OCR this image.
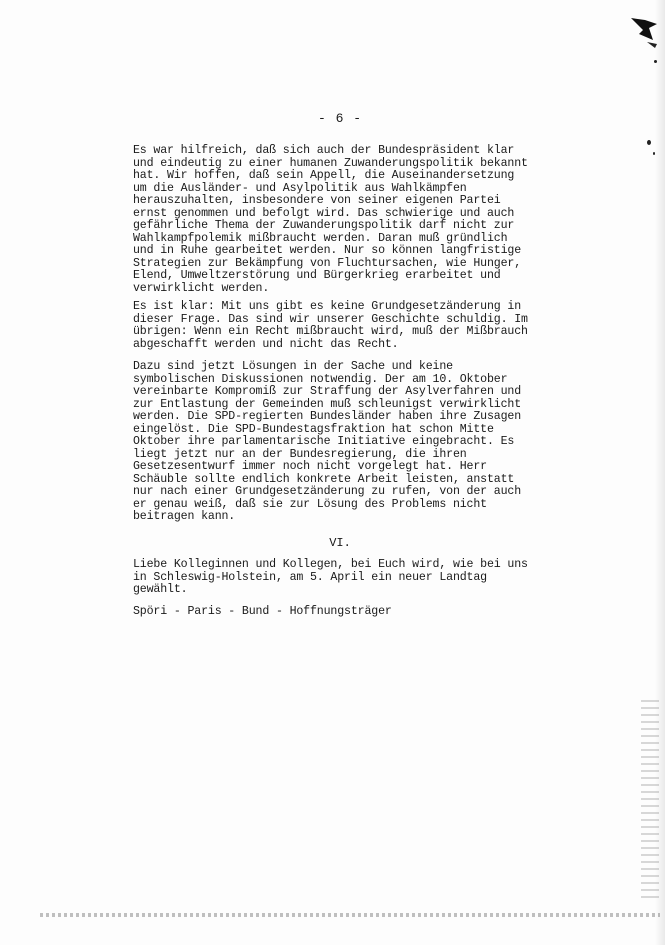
- 6 -
Es war hilfreich, daß sich auch der Bundespräsident klar
und eindeutig zu einer humanen Zuwanderungspolitik bekannt
hat. Wir hoffen, daß sein Appell, die Auseinandersetzung
um die Ausländer- und Asylpolitik aus Wahlkämpfen
herauszuhalten, insbesondere von seiner eigenen Partei
ernst genommen und befolgt wird. Das schwierige und auch
gefährliche Thema der Zuwanderungspolitik darf nicht zur
Wahlkampfpolemik mißbraucht werden. Daran muß gründlich
und in Ruhe gearbeitet werden. Nur so können langfristige
Strategien zur Bekämpfung von Fluchtursachen, wie Hunger,
Elend, Umweltzerstörung und Bürgerkrieg erarbeitet und
verwirklicht werden.
Es ist klar: Mit uns gibt es keine Grundgesetzänderung in
dieser Frage. Das sind wir unserer Geschichte schuldig. Im
übrigen: Wenn ein Recht mißbraucht wird, muß der Mißbrauch
abgeschafft werden und nicht das Recht.
Dazu sind jetzt Lösungen in der Sache und keine
symbolischen Diskussionen notwendig. Der am 10. Oktober
vereinbarte Kompromiß zur Straffung der Asylverfahren und
zur Entlastung der Gemeinden muß schleunigst verwirklicht
werden. Die SPD-regierten Bundesländer haben ihre Zusagen
eingelöst. Die SPD-Bundestagsfraktion hat schon Mitte
Oktober ihre parlamentarische Initiative eingebracht. Es
liegt jetzt nur an der Bundesregierung, die ihren
Gesetzesentwurf immer noch nicht vorgelegt hat. Herr
Schäuble sollte endlich konkrete Arbeit leisten, anstatt
nur nach einer Grundgesetzänderung zu rufen, von der auch
er genau weiß, daß sie zur Lösung des Problems nicht
beitragen kann.
VI.
Liebe Kolleginnen und Kollegen, bei Euch wird, wie bei uns
in Schleswig-Holstein, am 5. April ein neuer Landtag
gewählt.
Spöri - Paris - Bund - Hoffnungsträger
